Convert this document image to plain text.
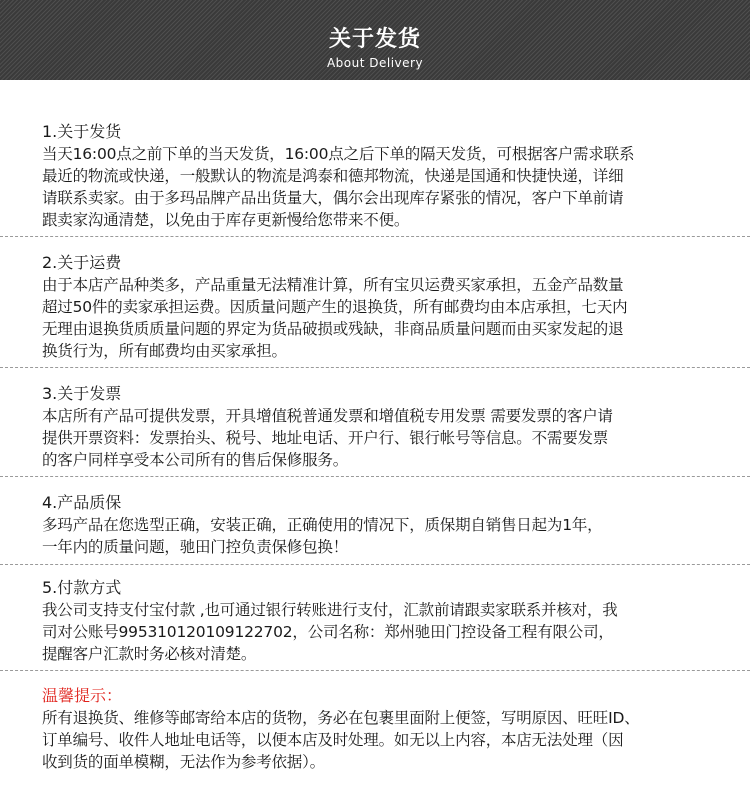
关于发货
About Delivery
1.关于发货
当天16:00点之前下单的当天发货，16:00点之后下单的隔天发货，可根据客户需求联系
最近的物流或快递，一般默认的物流是鸿泰和德邦物流，快递是国通和快捷快递，详细
请联系卖家。由于多玛品牌产品出货量大，偶尔会出现库存紧张的情况，客户下单前请
跟卖家沟通清楚，以免由于库存更新慢给您带来不便。
2.关于运费
由于本店产品种类多，产品重量无法精准计算，所有宝贝运费买家承担，五金产品数量
超过50件的卖家承担运费。因质量问题产生的退换货，所有邮费均由本店承担，七天内
无理由退换货质质量问题的界定为货品破损或残缺，非商品质量问题而由买家发起的退
换货行为，所有邮费均由买家承担。
3.关于发票
本店所有产品可提供发票，开具增值税普通发票和增值税专用发票 需要发票的客户请
提供开票资料：发票抬头、税号、地址电话、开户行、银行帐号等信息。不需要发票
的客户同样享受本公司所有的售后保修服务。
4.产品质保
多玛产品在您选型正确，安装正确，正确使用的情况下，质保期自销售日起为1年，
一年内的质量问题，驰田门控负责保修包换！
5.付款方式
我公司支持支付宝付款 ,也可通过银行转账进行支付，汇款前请跟卖家联系并核对，我
司对公账号99531012010912270​2，公司名称：郑州驰田门控设备工程有限公司，
提醒客户汇款时务必核对清楚。
温馨提示：
所有退换货、维修等邮寄给本店的货物，务必在包裹里面附上便签，写明原因、旺旺ID、
订单编号、收件人地址电话等，以便本店及时处理。如无以上内容，本店无法处理（因
收到货的面单模糊，无法作为参考依据）。
